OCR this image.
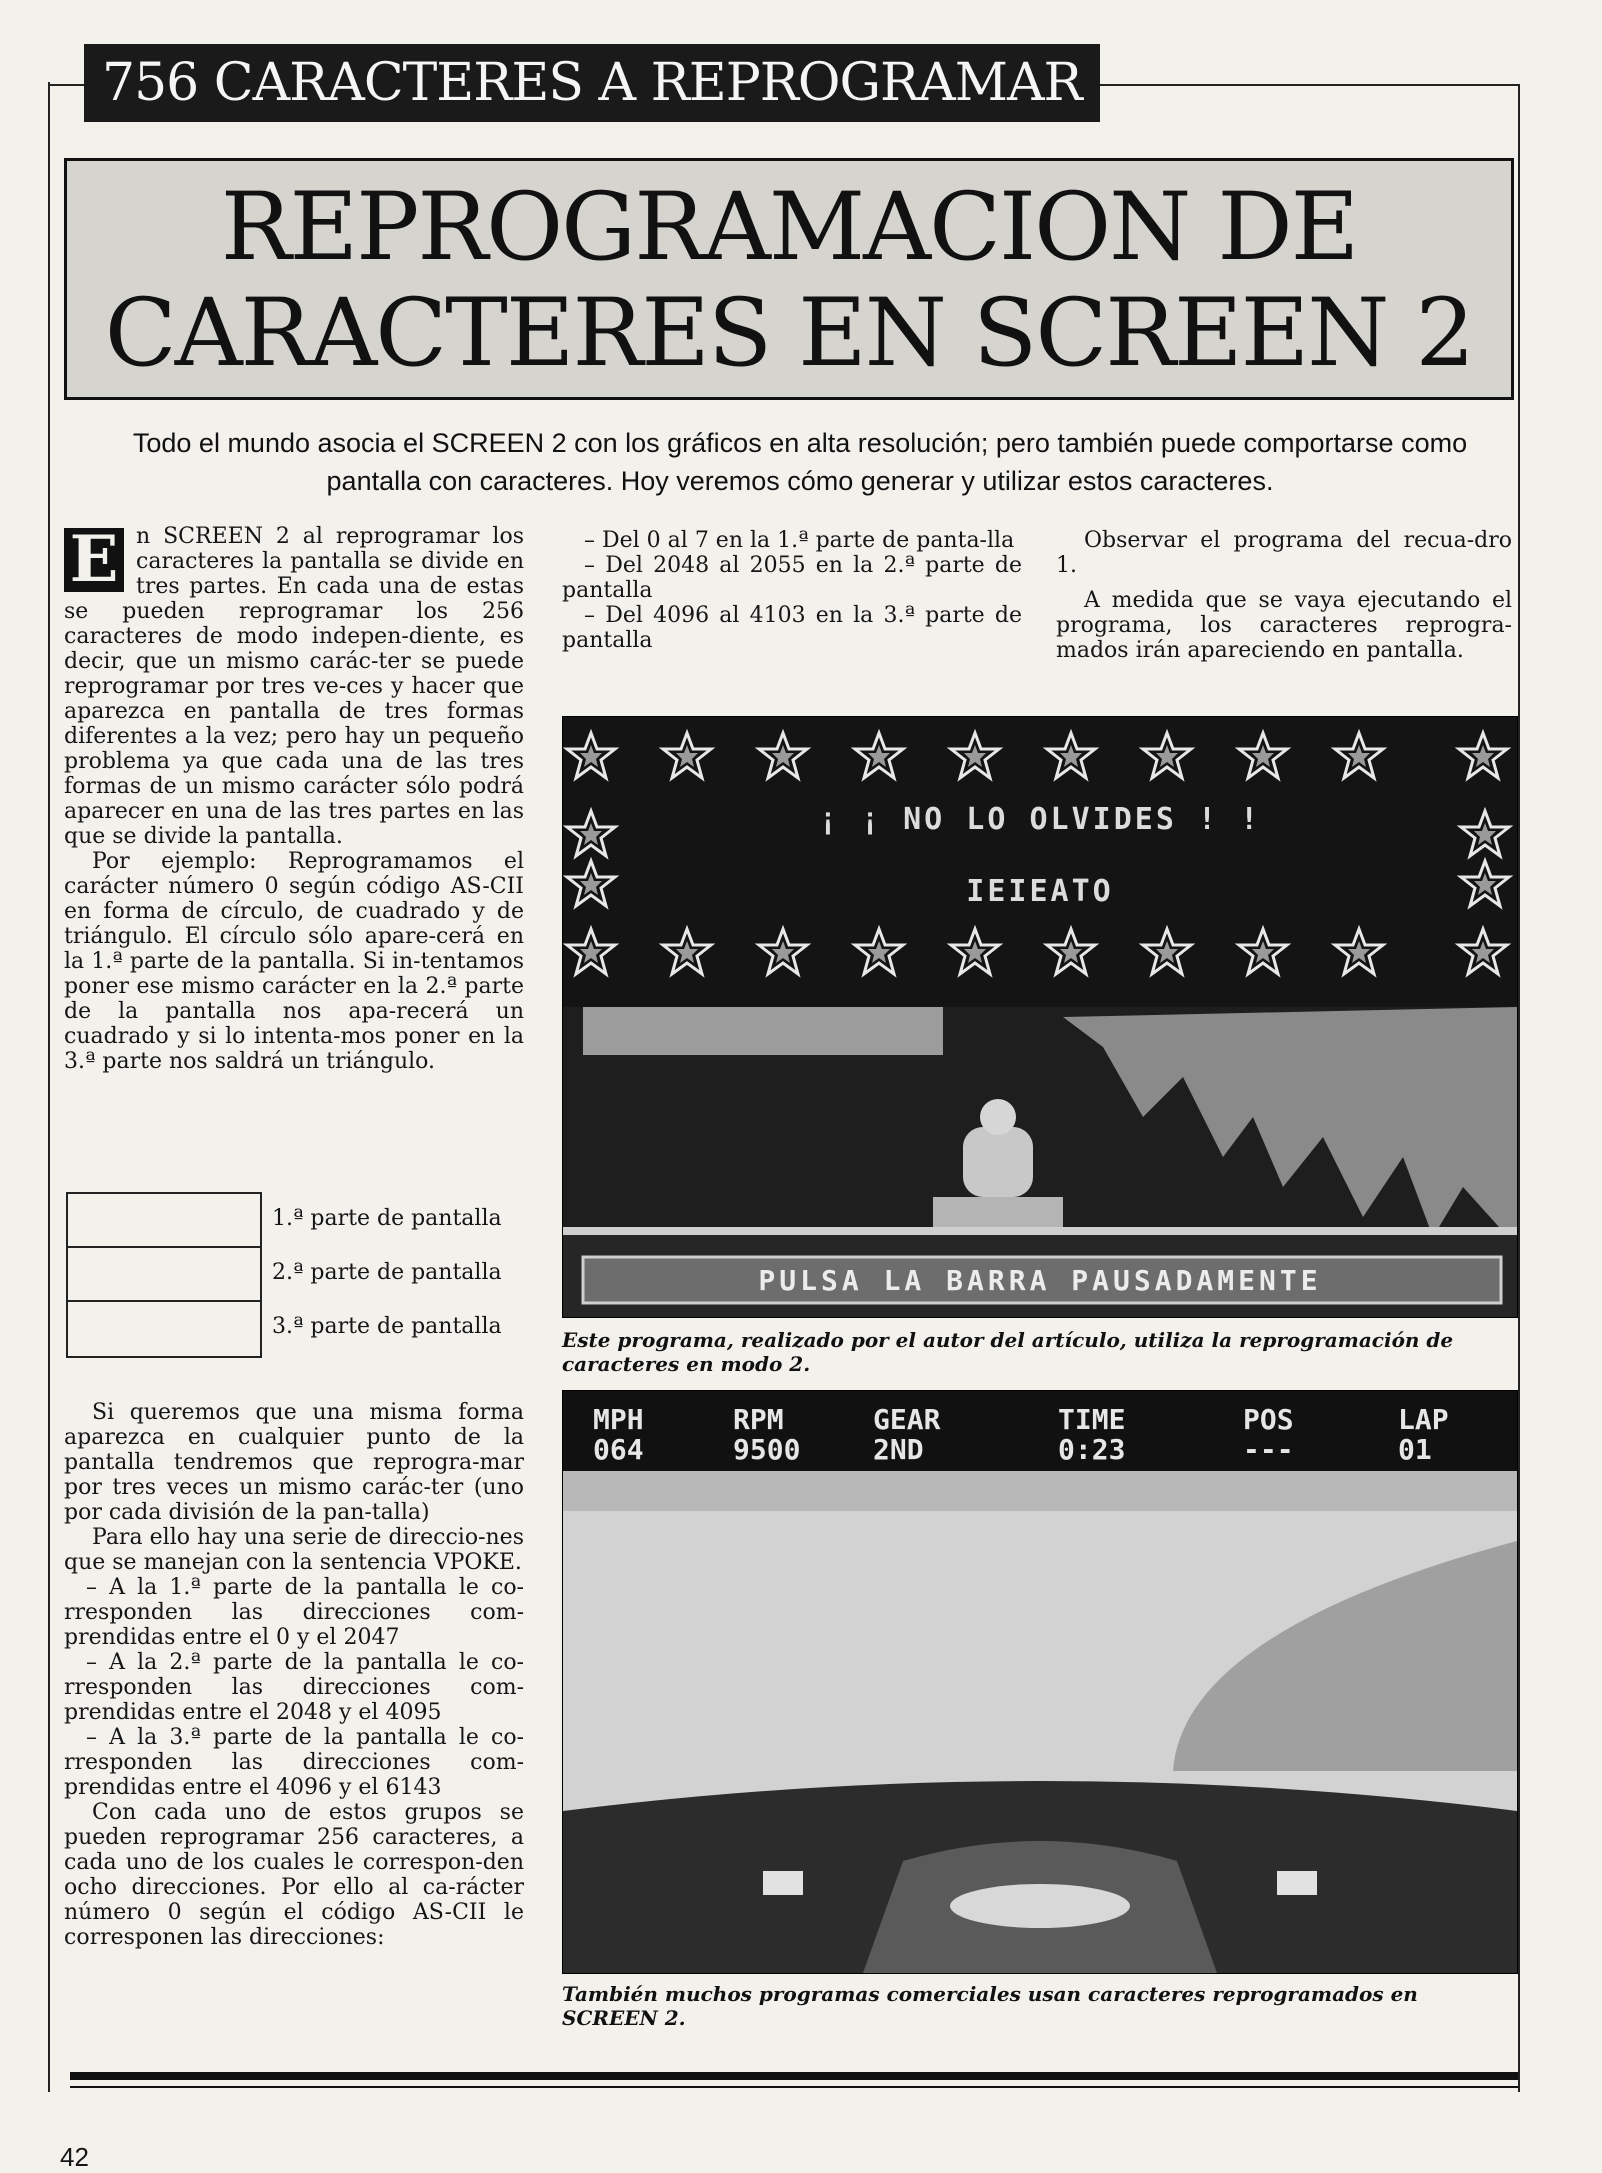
756 CARACTERES A REPROGRAMAR
REPROGRAMACION DE
CARACTERES EN SCREEN 2
Todo el mundo asocia el SCREEN 2 con los gráficos en alta resolución; pero también puede comportarse como
pantalla con caracteres. Hoy veremos cómo generar y utilizar estos caracteres.
E n SCREEN 2 al reprogramar los caracteres la pantalla se divide en tres partes. En cada una de estas se pueden reprogramar los 256 caracteres de modo indepen-diente, es decir, que un mismo carác-ter se puede reprogramar por tres ve-ces y hacer que aparezca en pantalla de tres formas diferentes a la vez; pero hay un pequeño problema ya que cada una de las tres formas de un mismo carácter sólo podrá aparecer en una de las tres partes en las que se divide la pantalla.

Por ejemplo: Reprogramamos el carácter número 0 según código AS-CII en forma de círculo, de cuadrado y de triángulo. El círculo sólo apare-cerá en la 1.ª parte de la pantalla. Si in-tentamos poner ese mismo carácter en la 2.ª parte de la pantalla nos apa-recerá un cuadrado y si lo intenta-mos poner en la 3.ª parte nos saldrá un triángulo.

1.ª parte de pantalla
2.ª parte de pantalla
3.ª parte de pantalla

Si queremos que una misma forma aparezca en cualquier punto de la pantalla tendremos que reprogra-mar por tres veces un mismo carác-ter (uno por cada división de la pan-talla)

Para ello hay una serie de direccio-nes que se manejan con la sentencia VPOKE.

– A la 1.ª parte de la pantalla le co-rresponden las direcciones com-prendidas entre el 0 y el 2047

– A la 2.ª parte de la pantalla le co-rresponden las direcciones com-prendidas entre el 2048 y el 4095

– A la 3.ª parte de la pantalla le co-rresponden las direcciones com-prendidas entre el 4096 y el 6143

Con cada uno de estos grupos se pueden reprogramar 256 caracteres, a cada uno de los cuales le correspon-den ocho direcciones. Por ello al ca-rácter número 0 según el código AS-CII le corresponen las direcciones:

– Del 0 al 7 en la 1.ª parte de panta-lla

– Del 2048 al 2055 en la 2.ª parte de pantalla

– Del 4096 al 4103 en la 3.ª parte de pantalla

Observar el programa del recua-dro 1.

A medida que se vaya ejecutando el programa, los caracteres reprogra-mados irán apareciendo en pantalla.

¡ ¡ NO LO OLVIDES ! !
IEIEATO
PULSA LA BARRA PAUSADAMENTE
Este programa, realizado por el autor del artículo, utiliza la reprogramación de caracteres en modo 2.
MPH	RPM	GEAR	TIME	POS	LAP
064	9500	2ND	0:23	---	01
También muchos programas comerciales usan caracteres reprogramados en SCREEN 2.
42
